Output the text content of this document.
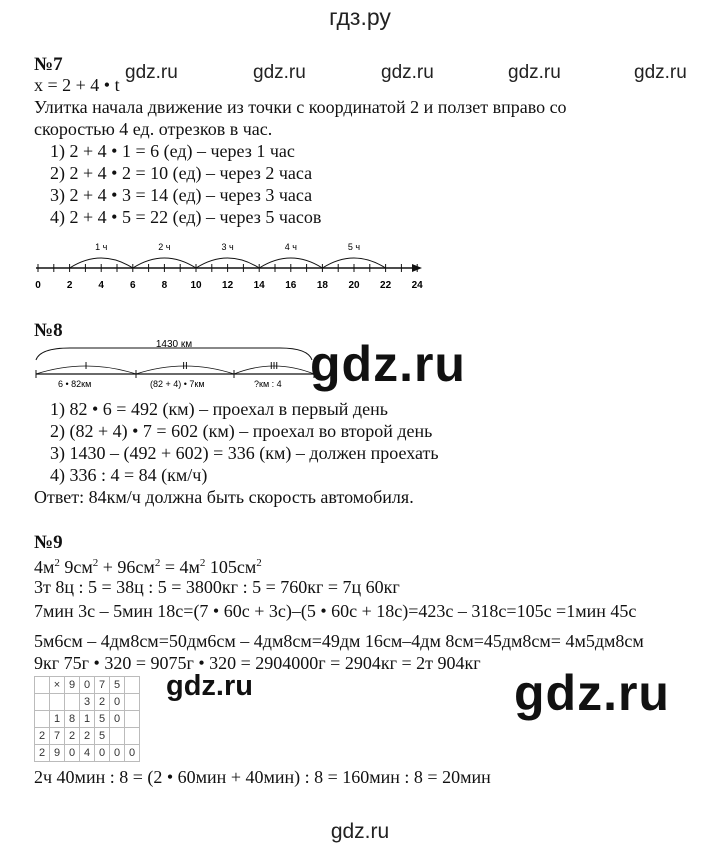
гдз.ру
gdz.ru	gdz.ru	gdz.ru	gdz.ru	gdz.ru
№7
x = 2 + 4 • t
Улитка начала движение из точки с координатой 2 и ползет вправо со
скоростью 4 ед. отрезков в час.
1) 2 + 4 • 1 = 6 (ед) – через 1 час
2) 2 + 4 • 2 = 10 (ед) – через 2 часа
3) 2 + 4 • 3 = 14 (ед) – через 3 часа
4) 2 + 4 • 5 = 22 (ед) – через 5 часов
0	2	4	6	8 10 12 14 16 18 20 22 24
1 ч	2 ч	3 ч	4 ч	5 ч
№8
1430 км
I	II	III
6 • 82км	(82 + 4) • 7км	?км : 4 gdz.ru
1) 82 • 6 = 492 (км) – проехал в первый день
2) (82 + 4) • 7 = 602 (км) – проехал во второй день
3) 1430 – (492 + 602) = 336 (км) – должен проехать
4) 336 : 4 = 84 (км/ч)
Ответ: 84км/ч должна быть скорость автомобиля.
№9
$4м^2$ $9см^2 + 96см^2 = 4м^2$ $105см^2$
3т 8ц : 5 = 38ц : 5 = 3800кг : 5 = 760кг = 7ц 60кг
7мин 3с – 5мин 18с=(7 • 60с + 3с)–(5 • 60с + 18с)=423с – 318с=105с =1мин 45с
5м6см – 4дм8см=50дм6см – 4дм8см=49дм 16см–4дм 8см=45дм8см= 4м5дм8см
9кг 75г • 320 = 9075г • 320 = 2904000г = 2904кг = 2т 904кг
	×	9	0	7	5	
			3	2	0	
	1	8	1	5	0	
2	7	2	2	5		
2	9	0	4	0	0	0
gdz.ru	gdz.ru
2ч 40мин : 8 = (2 • 60мин + 40мин) : 8 = 160мин : 8 = 20мин
gdz.ru
